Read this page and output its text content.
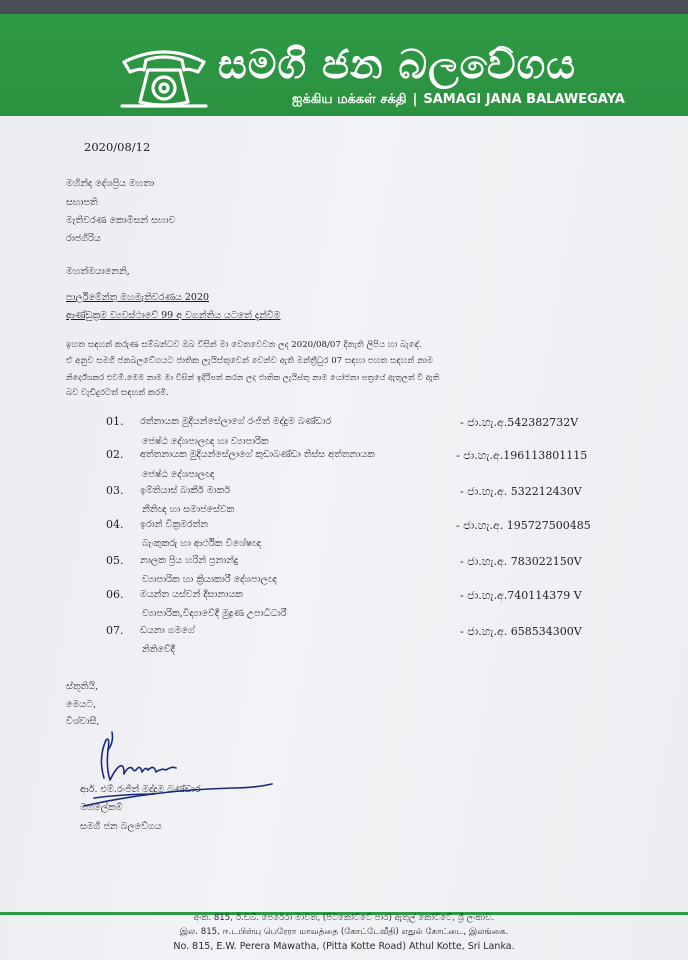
සමගි ජන බලවේගය
ஐக்கிய மக்கள் சக்தி | SAMAGI JANA BALAWEGAYA
2020/08/12
මහින්ද දේශප්‍රිය මහතා
සභාපති
මැතිවරණ කොමිසන් සභාව
රාජගිරිය
මහත්මයානෙනි,
පාර්ලිමේන්තු මහමැතිවරණය 2020
ආණ්ඩුක්‍රම ව්‍යවස්ථාවේ 99 අ වගන්තිය යටතේ දැන්වීම
ඉහත සඳහන් කරුණ සම්බන්ධව ඔබ විසින් මා වෙතවෙවන ලද 2020/08/07 දිනැති ලිපිය හා බැඳේ.
ඒ අනුව සමගි ජනබලවේගයට ජාතික ලැයිස්තුවෙන් වෙන්ව ඇති මන්ත්‍රීධුර 07 සඳහා පහත සඳහන් නාම
නිර්දේශකර එවමි.මෙම නාම මා විසින් ඉදිරිපත් කරන ලද ජාතික ලැයිස්තු නාම යෝජනා පත්‍රයේ ඇතුලත් වී ඇති
බව වැඩිදුරටත් සඳහන් කරමි.
01. රත්නායක මුදියන්සේලාගේ රංජිත් මද්දුම බණ්ඩාර
ජෙෂ්ඨ දේශපාලඥ හා ව්‍යාපාරික
- ජා.හැ.අ.542382732V
02. අත්තනායක මුදියන්සේලාගේ කුඩාබණ්ඩා තිස්ස අත්තනායක
ජෙෂ්ඨ දේශපාලඥ
- ජා.හැ.අ.196113801115
03. ඉම්තියාස් බාකීර් මාකර්
නීතිඥ හා සමාජසේවක
- ජා.හැ.අ. 532212430V
04. ඉරාන් වික්‍රමරත්න
බැංකුකරු හා ආර්ථික විශේෂඥ
- ජා.හැ.අ. 195727500485
05. නාලක ප්‍රිය හරින් ප්‍රනාන්දු
ව්‍යාපාරික හා ක්‍රියාකාරී දේශපාලඥ
- ජා.හැ.අ. 783022150V
06. මයන්ත යස්වන් දිසානායක
ව්‍යාපාරික,විද්‍යාවේදී මුද්‍රණ උපාධිධාරී
- ජා.හැ.අ.740114379 V
07. ඩයනා ගමගේ
නිතිවේදී
- ජා.හැ.අ. 658534300V
ස්තූතියි,
මෙයට,
විශ්වාසී,
ආර්. එම්.රංජිත් මද්දුම බණ්ඩාර
මහලේකම්
සමගි ජන බලවේගය
අංක. 815, ඊ.ඩබ්. පෙරේරා මාවත, (පිටකෝට්ටේ පාර) ඇතුල් කෝට්ටේ, ශ්‍රී ලංකාව.
இல. 815, ஈ.டபிள்யு பெரேரா மாவத்தை (கோட்டேவீதி) எதுல் கோட்டை, இலங்கை.
No. 815, E.W. Perera Mawatha, (Pitta Kotte Road) Athul Kotte, Sri Lanka.
